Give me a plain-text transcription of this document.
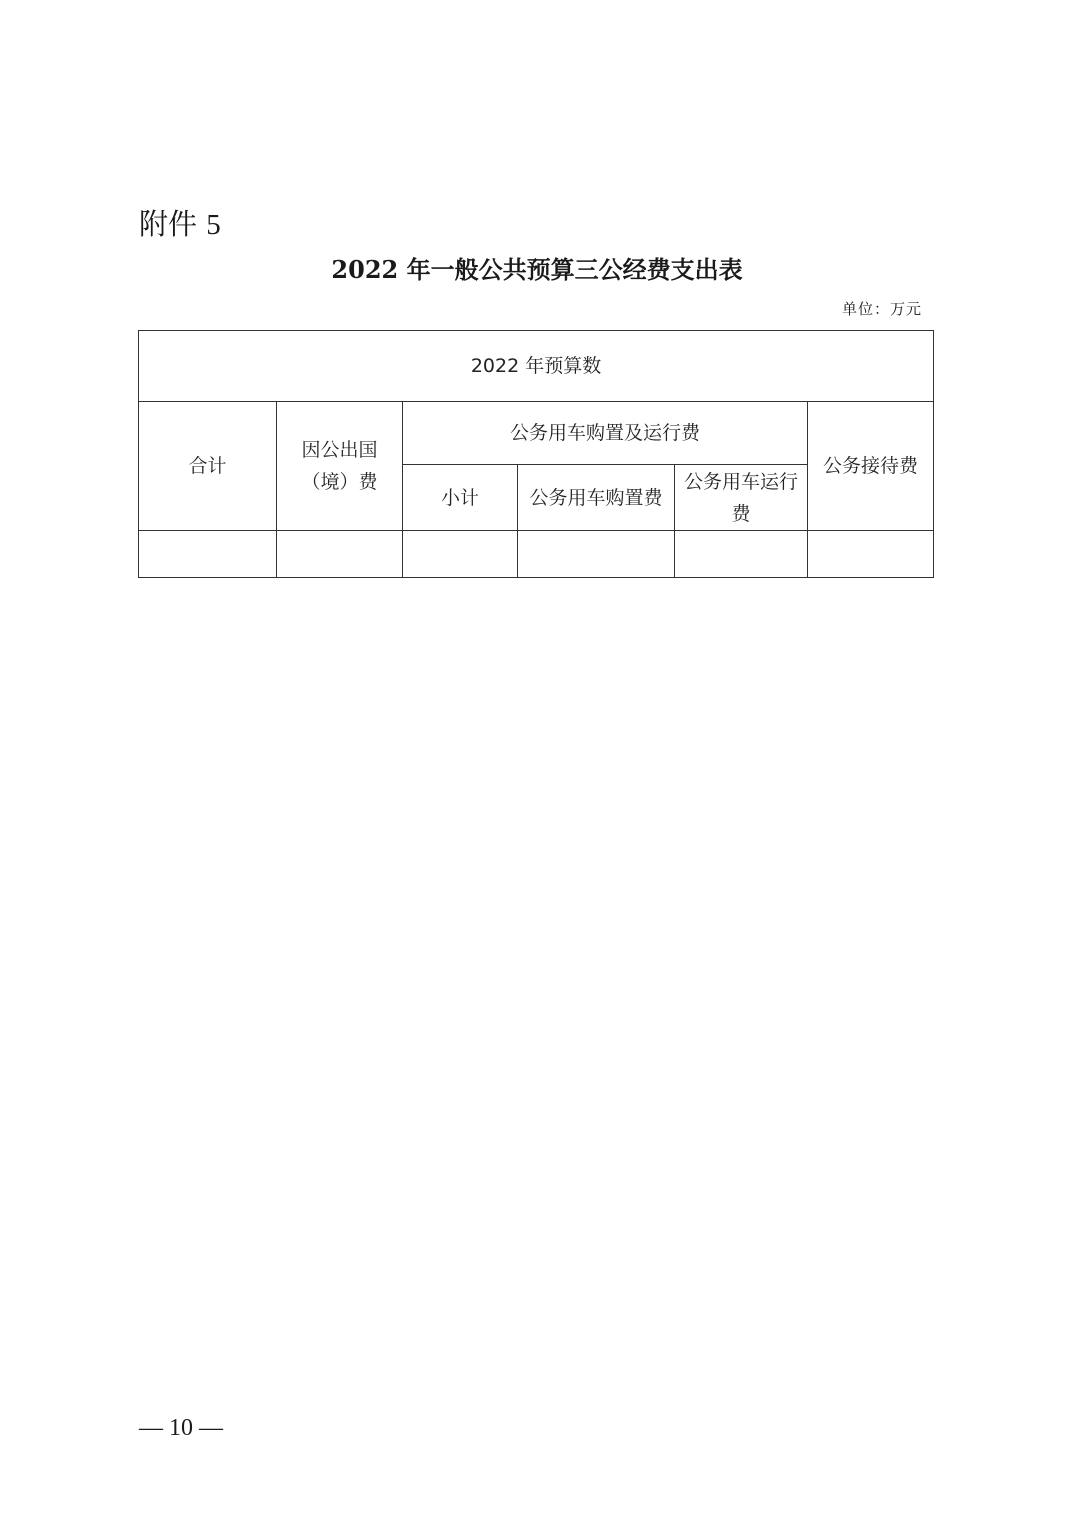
附件 5
2022 年一般公共预算三公经费支出表
单位：万元
2022 年预算数					
合计	因公出国（境）费	公务用车购置及运行费			公务接待费
		小计	公务用车购置费	公务用车运行费	

— 10 —
